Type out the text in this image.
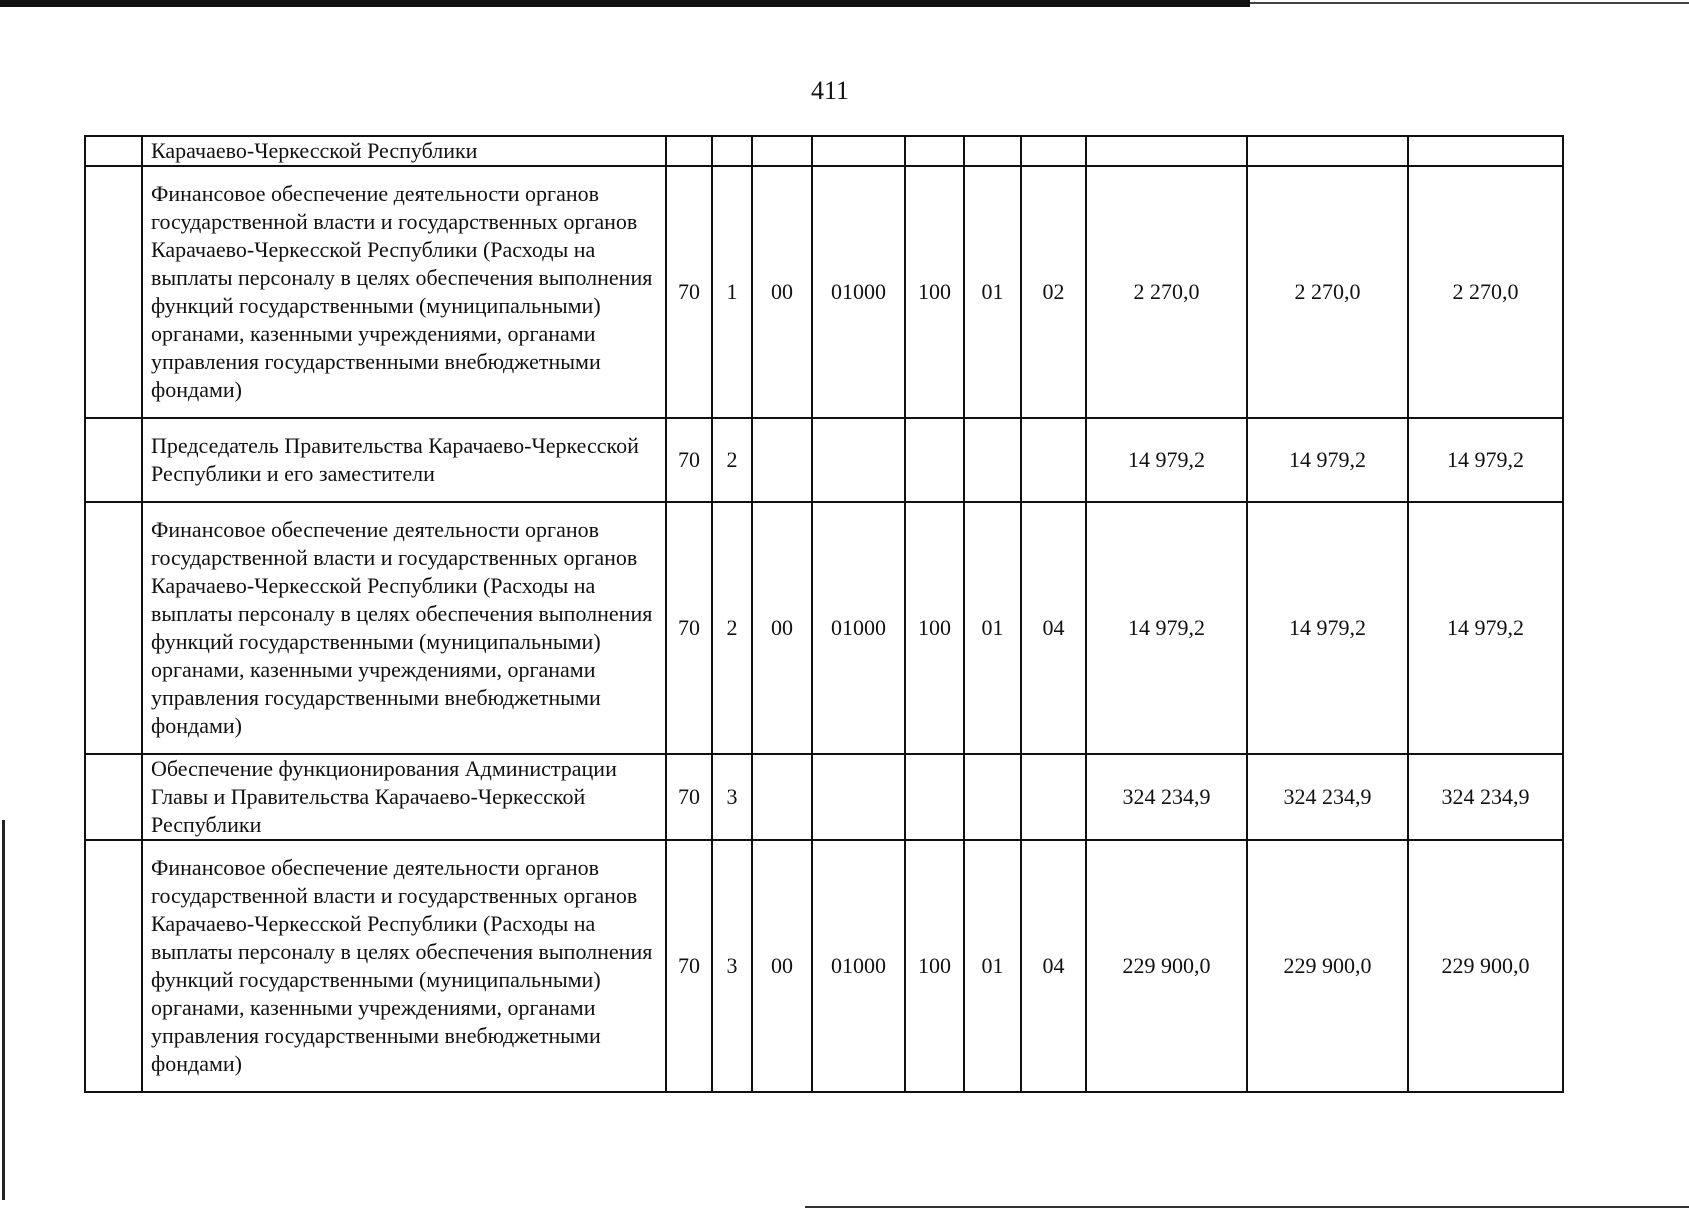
411
	Карачаево-Черкесской Республики										
	Финансовое обеспечение деятельности органов государственной власти и государственных органов Карачаево-Черкесской Республики (Расходы на выплаты персоналу в целях обеспечения выполнения функций государственными (муниципальными) органами, казенными учреждениями, органами управления государственными внебюджетными фондами)	70	1	00	01000	100	01	02	2 270,0	2 270,0	2 270,0
	Председатель Правительства Карачаево-Черкесской Республики и его заместители	70	2						14 979,2	14 979,2	14 979,2
	Финансовое обеспечение деятельности органов государственной власти и государственных органов Карачаево-Черкесской Республики (Расходы на выплаты персоналу в целях обеспечения выполнения функций государственными (муниципальными) органами, казенными учреждениями, органами управления государственными внебюджетными фондами)	70	2	00	01000	100	01	04	14 979,2	14 979,2	14 979,2
	Обеспечение функционирования Администрации Главы и Правительства Карачаево-Черкесской Республики	70	3						324 234,9	324 234,9	324 234,9
	Финансовое обеспечение деятельности органов государственной власти и государственных органов Карачаево-Черкесской Республики (Расходы на выплаты персоналу в целях обеспечения выполнения функций государственными (муниципальными) органами, казенными учреждениями, органами управления государственными внебюджетными фондами)	70	3	00	01000	100	01	04	229 900,0	229 900,0	229 900,0
